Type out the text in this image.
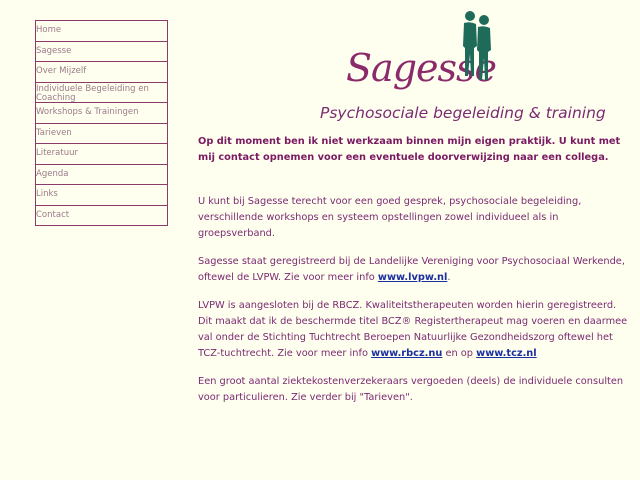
Home
Sagesse
Over Mijzelf
Individuele Begeleiding en
Coaching
Workshops & Trainingen
Tarieven
Literatuur
Agenda
Links
Contact
Sagesse
Psychosociale begeleiding & training

Op dit moment ben ik niet werkzaam binnen mijn eigen praktijk. U kunt met mij contact opnemen voor een eventuele doorverwijzing naar een collega.

U kunt bij Sagesse terecht voor een goed gesprek, psychosociale begeleiding, verschillende workshops en systeem opstellingen zowel individueel als in groepsverband.

Sagesse staat geregistreerd bij de Landelijke Vereniging voor Psychosociaal Werkende, oftewel de LVPW. Zie voor meer info www.lvpw.nl.

LVPW is aangesloten bij de RBCZ. Kwaliteitstherapeuten worden hierin geregistreerd. Dit maakt dat ik de beschermde titel BCZ® Registertherapeut mag voeren en daarmee val onder de Stichting Tuchtrecht Beroepen Natuurlijke Gezondheidszorg oftewel het TCZ-tuchtrecht. Zie voor meer info www.rbcz.nu en op www.tcz.nl

Een groot aantal ziektekostenverzekeraars vergoeden (deels) de individuele consulten voor particulieren. Zie verder bij "Tarieven".
